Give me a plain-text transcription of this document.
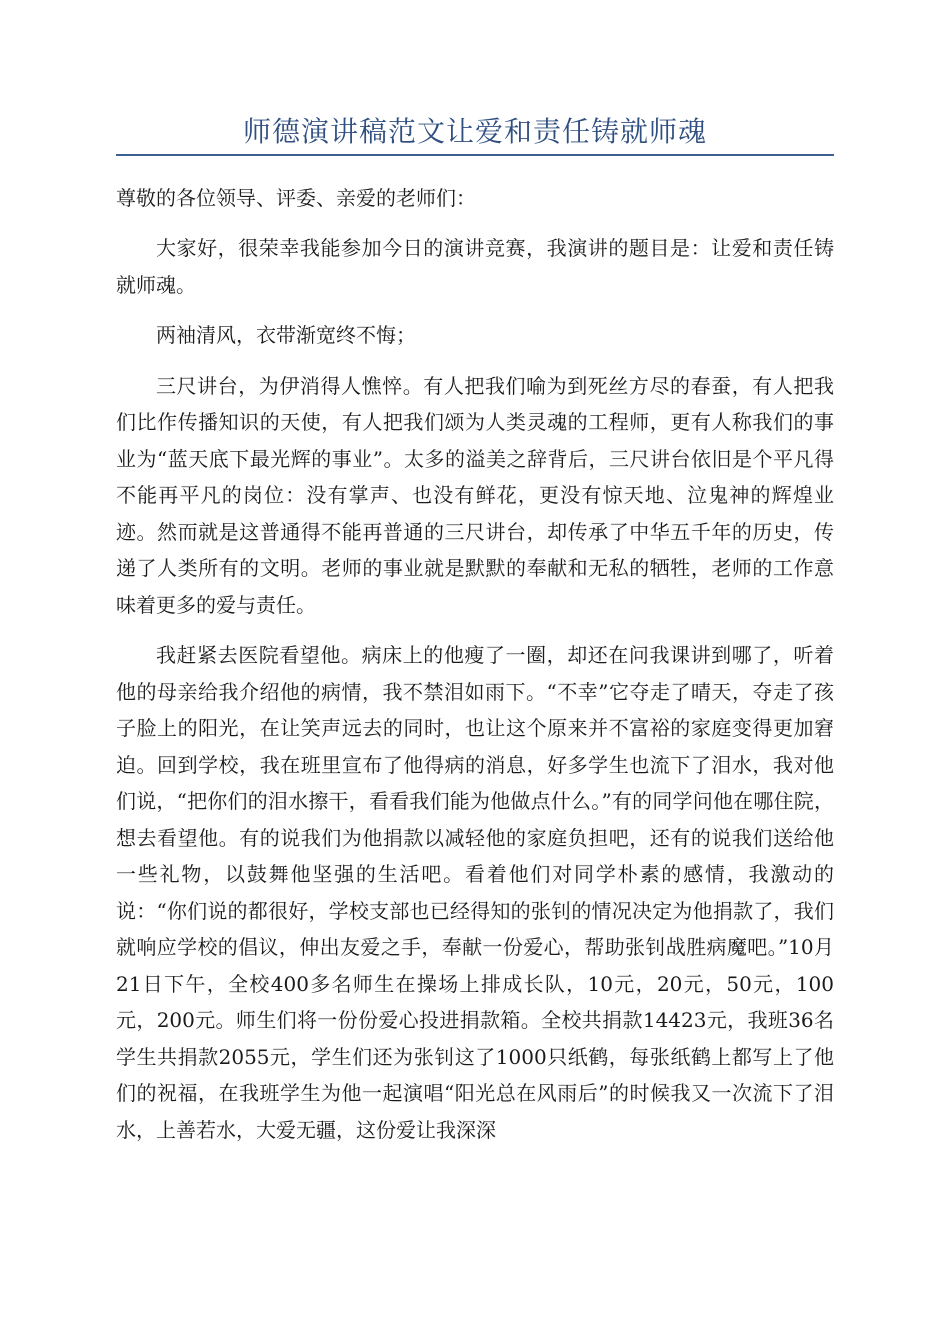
师德演讲稿范文让爱和责任铸就师魂

尊敬的各位领导、评委、亲爱的老师们：

大家好，很荣幸我能参加今日的演讲竞赛，我演讲的题目是：让爱和责任铸就师魂。

两袖清风，衣带渐宽终不悔；

三尺讲台，为伊消得人憔悴。有人把我们喻为到死丝方尽的春蚕，有人把我们比作传播知识的天使，有人把我们颂为人类灵魂的工程师，更有人称我们的事业为“蓝天底下最光辉的事业”。太多的溢美之辞背后，三尺讲台依旧是个平凡得不能再平凡的岗位：没有掌声、也没有鲜花，更没有惊天地、泣鬼神的辉煌业迹。然而就是这普通得不能再普通的三尺讲台，却传承了中华五千年的历史，传递了人类所有的文明。老师的事业就是默默的奉献和无私的牺牲，老师的工作意味着更多的爱与责任。

我赶紧去医院看望他。病床上的他瘦了一圈，却还在问我课讲到哪了，听着他的母亲给我介绍他的病情，我不禁泪如雨下。“不幸”它夺走了晴天，夺走了孩子脸上的阳光，在让笑声远去的同时，也让这个原来并不富裕的家庭变得更加窘迫。回到学校，我在班里宣布了他得病的消息，好多学生也流下了泪水，我对他们说，“把你们的泪水擦干，看看我们能为他做点什么。”有的同学问他在哪住院，想去看望他。有的说我们为他捐款以减轻他的家庭负担吧，还有的说我们送给他一些礼物，以鼓舞他坚强的生活吧。看着他们对同学朴素的感情，我激动的说：“你们说的都很好，学校支部也已经得知的张钊的情况决定为他捐款了，我们就响应学校的倡议，伸出友爱之手，奉献一份爱心，帮助张钊战胜病魔吧。”10月21日下午，全校400多名师生在操场上排成长队，10元，20元，50元，100元，200元。师生们将一份份爱心投进捐款箱。全校共捐款14423元，我班36名学生共捐款2055元，学生们还为张钊这了1000只纸鹤，每张纸鹤上都写上了他们的祝福，在我班学生为他一起演唱“阳光总在风雨后”的时候我又一次流下了泪水，上善若水，大爱无疆，这份爱让我深深
